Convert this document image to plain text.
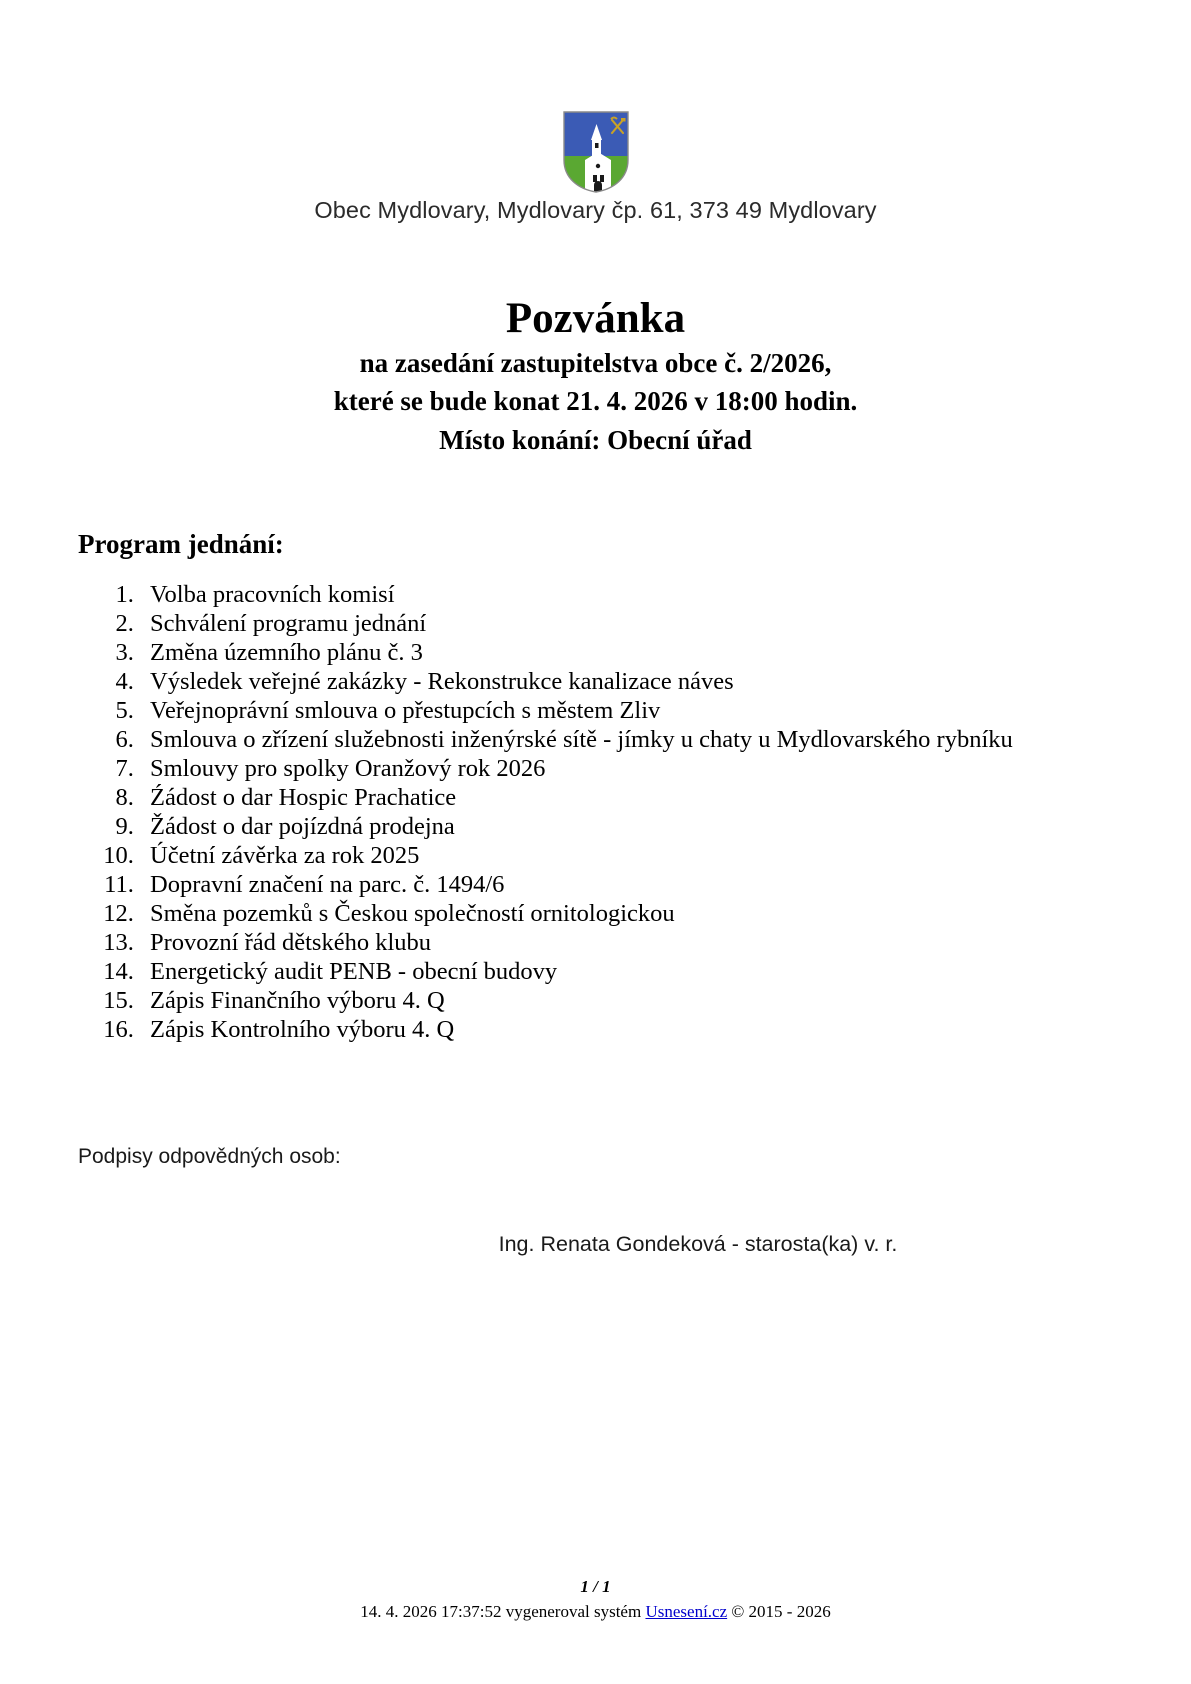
Obec Mydlovary, Mydlovary čp. 61, 373 49 Mydlovary
Pozvánka
na zasedání zastupitelstva obce č. 2/2026,
které se bude konat 21. 4. 2026 v 18:00 hodin.
Místo konání: Obecní úřad
Program jednání:
1. Volba pracovních komisí
2. Schválení programu jednání
3. Změna územního plánu č. 3
4. Výsledek veřejné zakázky - Rekonstrukce kanalizace náves
5. Veřejnoprávní smlouva o přestupcích s městem Zliv
6. Smlouva o zřízení služebnosti inženýrské sítě - jímky u chaty u Mydlovarského rybníku
7. Smlouvy pro spolky Oranžový rok 2026
8. Źádost o dar Hospic Prachatice
9. Žádost o dar pojízdná prodejna
10. Účetní závěrka za rok 2025
11. Dopravní značení na parc. č. 1494/6
12. Směna pozemků s Českou společností ornitologickou
13. Provozní řád dětského klubu
14. Energetický audit PENB - obecní budovy
15. Zápis Finančního výboru 4. Q
16. Zápis Kontrolního výboru 4. Q
Podpisy odpovědných osob:
Ing. Renata Gondeková - starosta(ka) v. r.
1 / 1
14. 4. 2026 17:37:52 vygeneroval systém Usnesení.cz © 2015 - 2026
